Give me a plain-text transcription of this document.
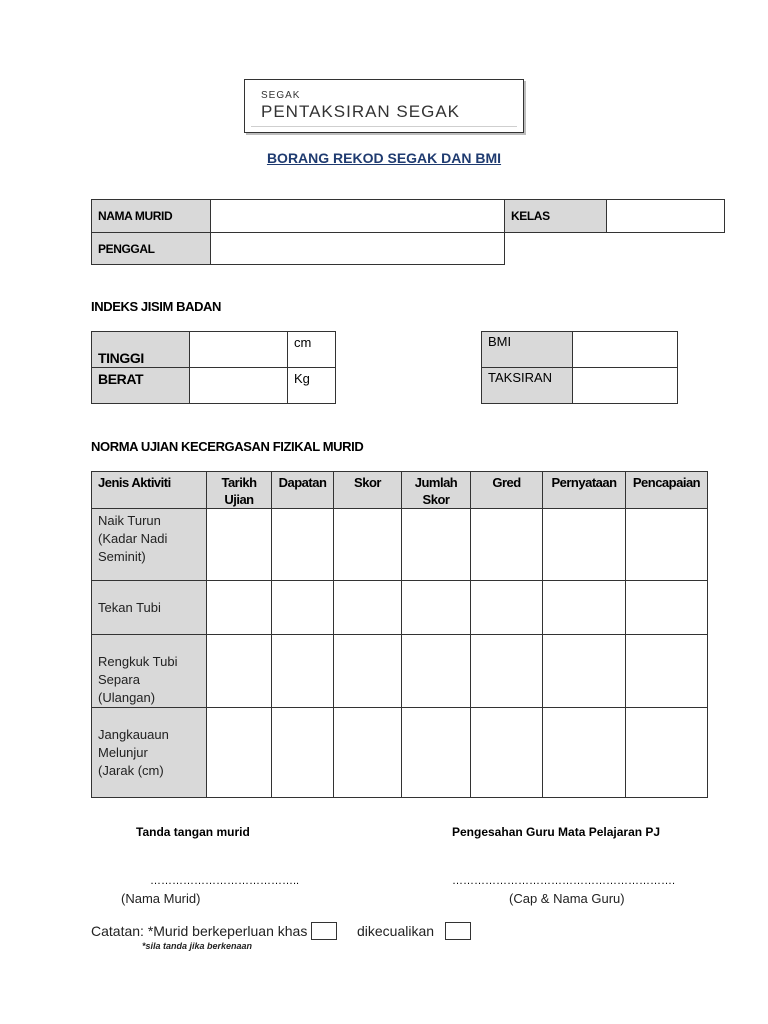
SEGAK
PENTAKSIRAN SEGAK
BORANG REKOD SEGAK DAN BMI
NAMA MURID		KELAS	
PENGGAL	
INDEKS JISIM BADAN
TINGGI		cm
BERAT		Kg
BMI	
TAKSIRAN	
NORMA UJIAN KECERGASAN FIZIKAL MURID
Jenis Aktiviti	Tarikh Ujian	Dapatan	Skor	Jumlah Skor	Gred	Pernyataan	Pencapaian
Naik Turun (Kadar Nadi Seminit)							
Tekan Tubi							
Rengkuk Tubi Separa (Ulangan)							
Jangkauaun Melunjur (Jarak (cm)							
Tanda tangan murid	Pengesahan Guru Mata Pelajaran PJ
…………………………………..	…………………………………………………….
(Nama Murid)	(Cap & Nama Guru)
Catatan: *Murid berkeperluan khas	dikecualikan
*sila tanda jika berkenaan
